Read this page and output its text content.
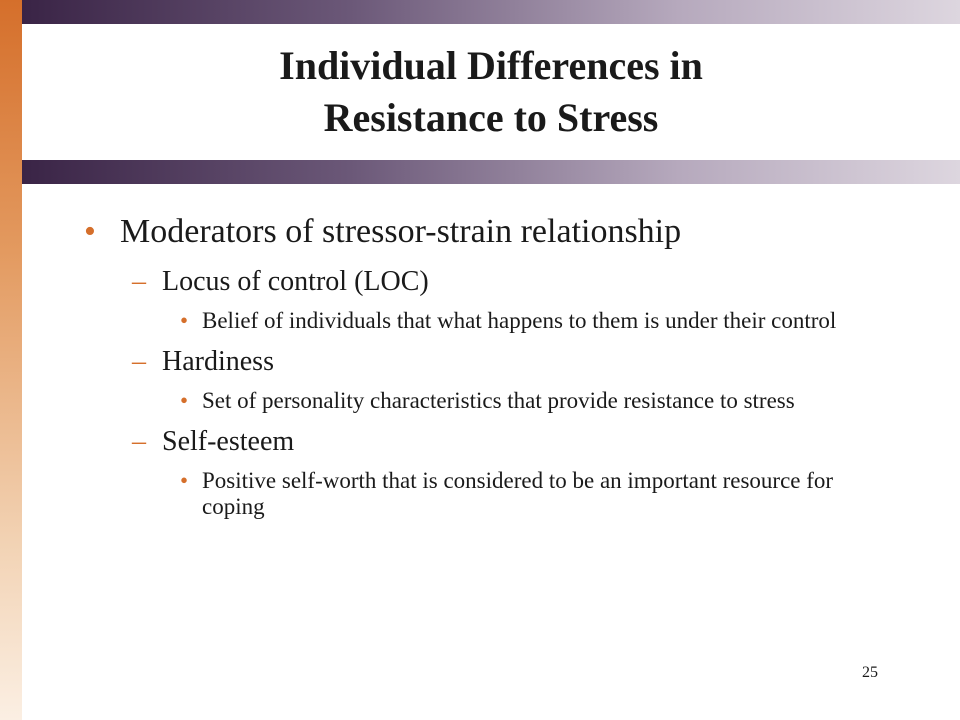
Individual Differences in
Resistance to Stress
• Moderators of stressor-strain relationship
– Locus of control (LOC)
• Belief of individuals that what happens to them is under their control
– Hardiness
• Set of personality characteristics that provide resistance to stress
– Self-esteem
• Positive self-worth that is considered to be an important resource for coping
25
